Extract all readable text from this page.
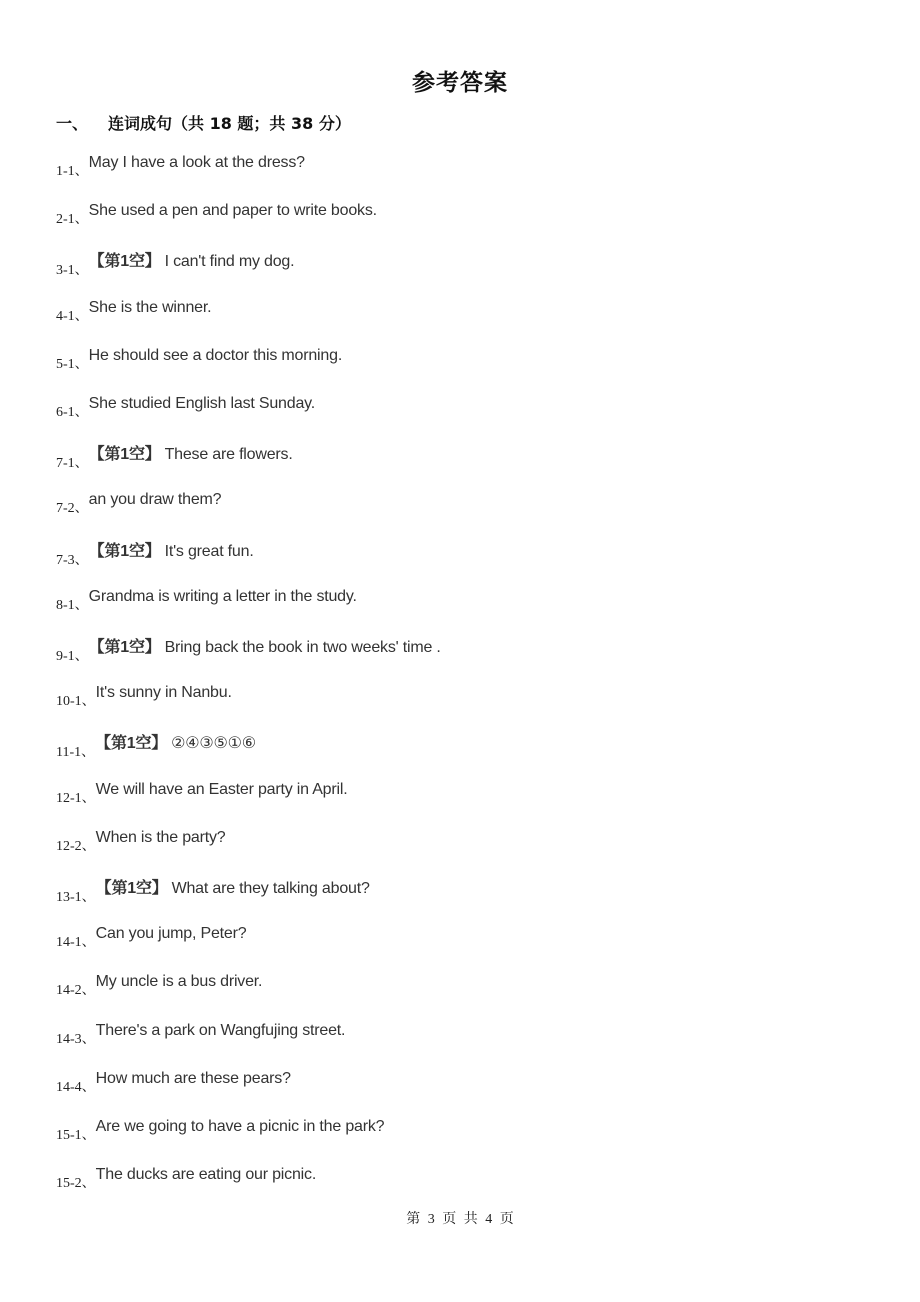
参考答案
一、 连词成句（共 18 题；共 38 分）
1-1、May I have a look at the dress?
2-1、She used a pen and paper to write books.
3-1、【第1空】 I can't find my dog.
4-1、She is the winner.
5-1、He should see a doctor this morning.
6-1、She studied English last Sunday.
7-1、【第1空】 These are flowers.
7-2、an you draw them?
7-3、【第1空】 It's great fun.
8-1、Grandma is writing a letter in the study.
9-1、【第1空】 Bring back the book in two weeks' time .
10-1、It's sunny in Nanbu.
11-1、【第1空】 ②④③⑤①⑥
12-1、We will have an Easter party in April.
12-2、When is the party?
13-1、【第1空】 What are they talking about?
14-1、Can you jump, Peter?
14-2、My uncle is a bus driver.
14-3、There's a park on Wangfujing street.
14-4、How much are these pears?
15-1、Are we going to have a picnic in the park?
15-2、The ducks are eating our picnic.
第 3 页 共 4 页
